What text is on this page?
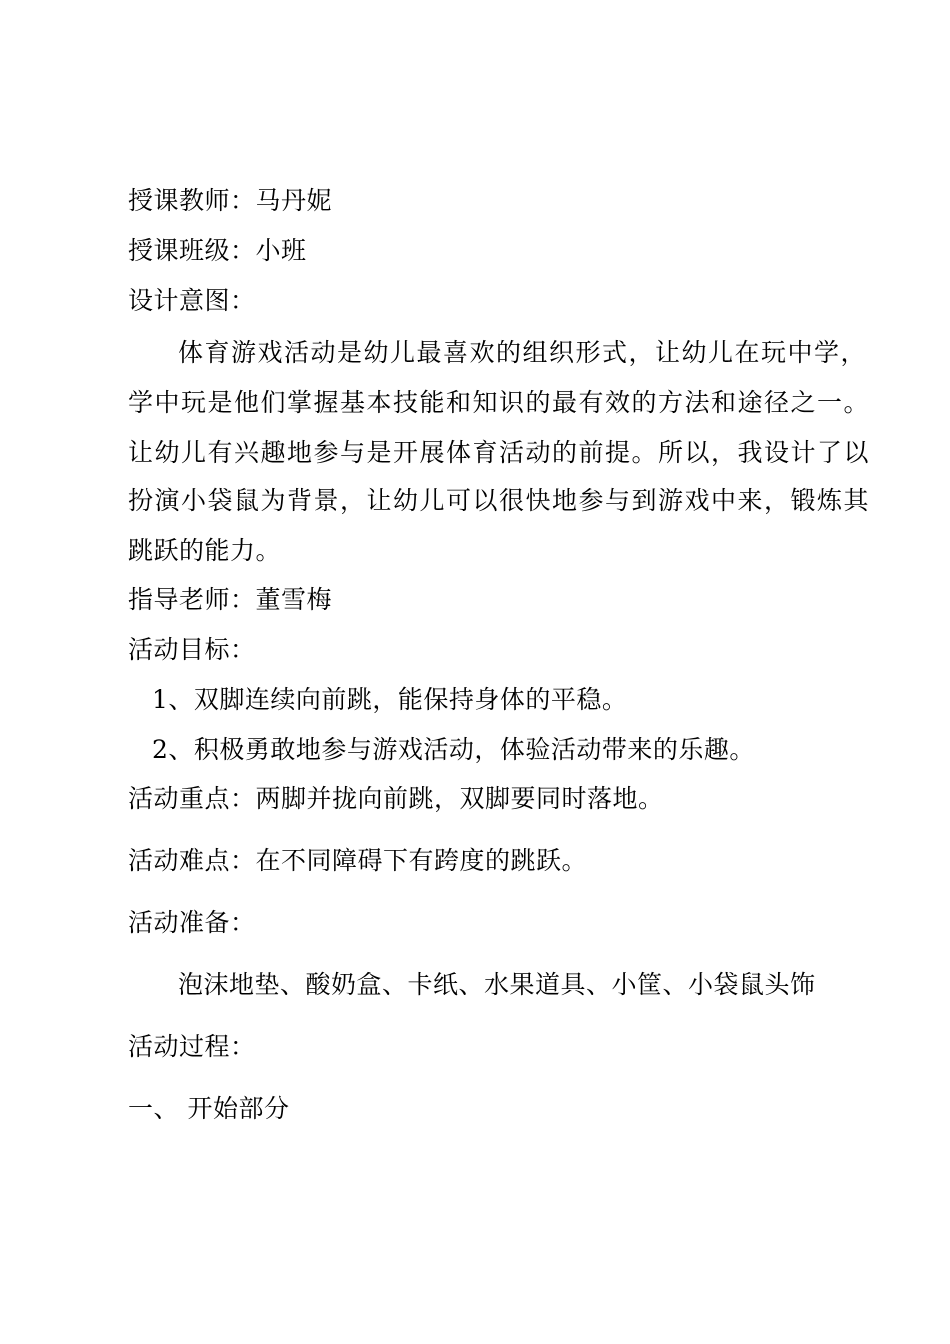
授课教师：马丹妮
授课班级：小班
设计意图：
体育游戏活动是幼儿最喜欢的组织形式，让幼儿在玩中学，
学中玩是他们掌握基本技能和知识的最有效的方法和途径之一。
让幼儿有兴趣地参与是开展体育活动的前提。所以，我设计了以
扮演小袋鼠为背景，让幼儿可以很快地参与到游戏中来，锻炼其
跳跃的能力。
指导老师：董雪梅
活动目标：
1、双脚连续向前跳，能保持身体的平稳。
2、积极勇敢地参与游戏活动，体验活动带来的乐趣。
活动重点：两脚并拢向前跳，双脚要同时落地。
活动难点：在不同障碍下有跨度的跳跃。
活动准备：
泡沫地垫、酸奶盒、卡纸、水果道具、小筐、小袋鼠头饰
活动过程：
一、 开始部分
